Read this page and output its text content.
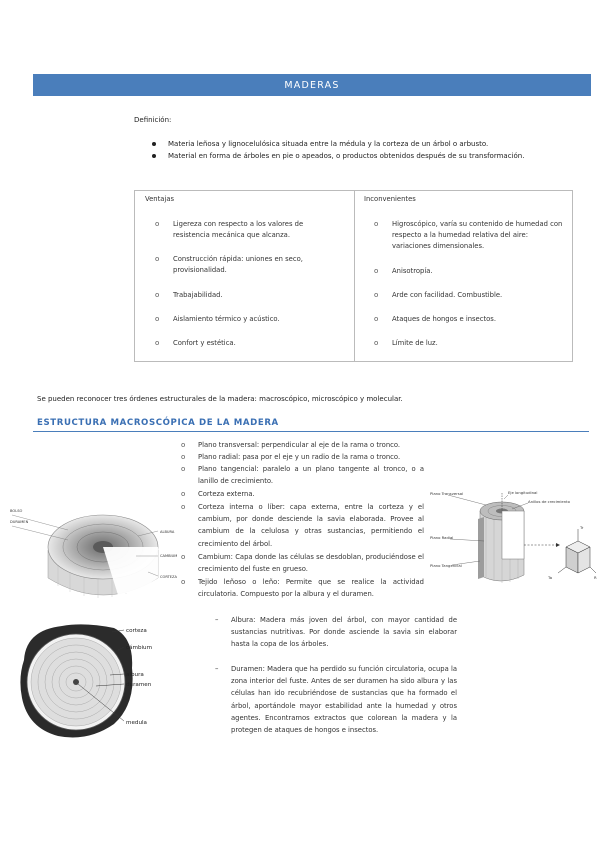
MADERAS
Definición:
Materia leñosa y lignocelulósica situada entre la médula y la corteza de un árbol o arbusto.
Material en forma de árboles en pie o apeados, o productos obtenidos después de su transformación.
Ventajas	Inconvenientes
o Ligereza con respecto a los valores de resistencia mecánica que alcanza.
o Construcción rápida: uniones en seco, provisionalidad.
o Trabajabilidad.
o Aislamiento térmico y acústico.
o Confort y estética.
o Higroscópico, varía su contenido de humedad con respecto a la humedad relativa del aire: variaciones dimensionales.
o Anisotropía.
o Arde con facilidad. Combustible.
o Ataques de hongos e insectos.
o Límite de luz.
Se pueden reconocer tres órdenes estructurales de la madera: macroscópico, microscópico y molecular.
ESTRUCTURA MACROSCÓPICA DE LA MADERA
o Plano transversal: perpendicular al eje de la rama o tronco.
o Plano radial: pasa por el eje y un radio de la rama o tronco.
o Plano tangencial: paralelo a un plano tangente al tronco, o a lanillo de crecimiento.
o Corteza externa.
o Corteza interna o líber: capa externa, entre la corteza y el cambium, por donde desciende la savia elaborada. Provee al cambium de la celulosa y otras sustancias, permitiendo el crecimiento del árbol.
o Cambium: Capa donde las células se desdoblan, produciéndose el crecimiento del fuste en grueso.
o Tejido leñoso o leño: Permite que se realice la actividad circulatoria. Compuesto por la albura y el duramen.
– Albura: Madera más joven del árbol, con mayor cantidad de sustancias nutritivas. Por donde asciende la savia sin elaborar hasta la copa de los árboles.
– Duramen: Madera que ha perdido su función circulatoria, ocupa la zona interior del fuste. Antes de ser duramen ha sido albura y las células han ido recubriéndose de sustancias que ha formado el árbol, aportándole mayor estabilidad ante la humedad y otros agentes. Encontramos extractos que colorean la madera y la protegen de ataques de hongos e insectos.
BOLSO
DURAMEN
ALBURA
CAMBIUM
CORTEZA
corteza
cámbium
albura
duramen
medula
Plano Transversal	Eje longitudinal
Anillos de crecimiento
Plano Radial
Plano Tangencial
Tr
Ta	R
